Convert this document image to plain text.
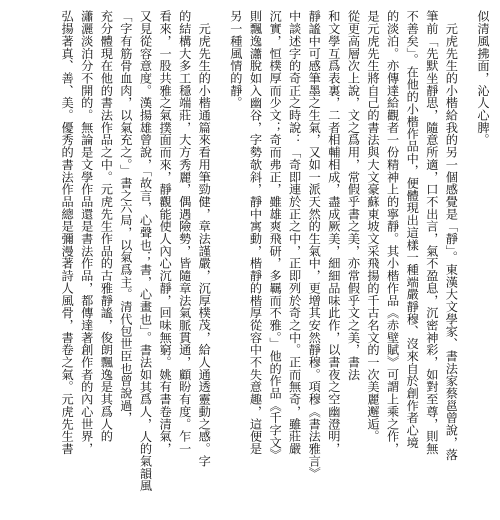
似清風拂面，沁人心脾。
　元虎先生的小楷給我的另一個感覺是「靜」。東漢大文學家、書法家蔡邕曾說，落
筆前「先默坐靜思，隨意所適，口不出言，氣不盈息，沉密神彩，如對至尊，則無
不善矣」。在他的小楷作品中，便體現出這樣一種端嚴靜穆、沒來自於創作者心境
的淡泊。亦傳達給觀者一份精神上的寧靜。其小楷作品《赤壁賦》可謂上乘之作，
是元虎先生將自己的書法與大文豪蘇東坡文采飛揚的千古名文的一次美麗邂逅。
從更高層次上說，文之爲用，常假乎書之美，亦常假乎文之美，書法
和文學互爲表裏，二者相輔相成，盡成厥美，細細品味此作，以書夜之空幽澄明，
靜謐中可感筆墨之生氣，又如一派天然的生氣中，更增其安然靜穆。項穆《書法雅言》
中談述字的奇正之時說：「奇即連於正之中，正即列於奇之中。正而無奇，雖莊嚴
沉實，恒樸厚而少文；奇而弗正，雖雄爽飛研，多羈而不雅。」他的作品《千字文》
則飄逸瀟脫如入幽谷，字勢欹斜，靜中寓動，楷靜的楷厚從容中不失意趣，這便是
另一種風情的靜。
　元虎先生的小楷通篇來看用筆勁健，章法謹嚴，沉厚樸茂，給人通透靈動之感。字
的結構大多工穩端莊，大方秀麗，偶遇險勢，皆隨章法氣脈貫通，顧盼有度。乍一
看來，一股共雅之氣撲面而來，靜觀能使人內心沉靜，回味無窮。姚有書卷清氣，
又見從容意度。漢揚雄曾說，「故言，心聲也；書，心畫也」。書法如其爲人，人的氣韻風
「字有筋骨血肉，以氣充之。」書之六局，以氣爲主。清代包世臣也曾說過，
充分體現在他的書法作品之中。元虎先生作品的古雅靜謐，俊朗飄逸是其爲人的
瀟灑淡泊分不開的。無論是文學作品還是書法作品，都傳達著創作者的內心世界，
弘揚著真、善、美。優秀的書法作品總是彌漫著詩人風骨，書卷之氣。元虎先生書
